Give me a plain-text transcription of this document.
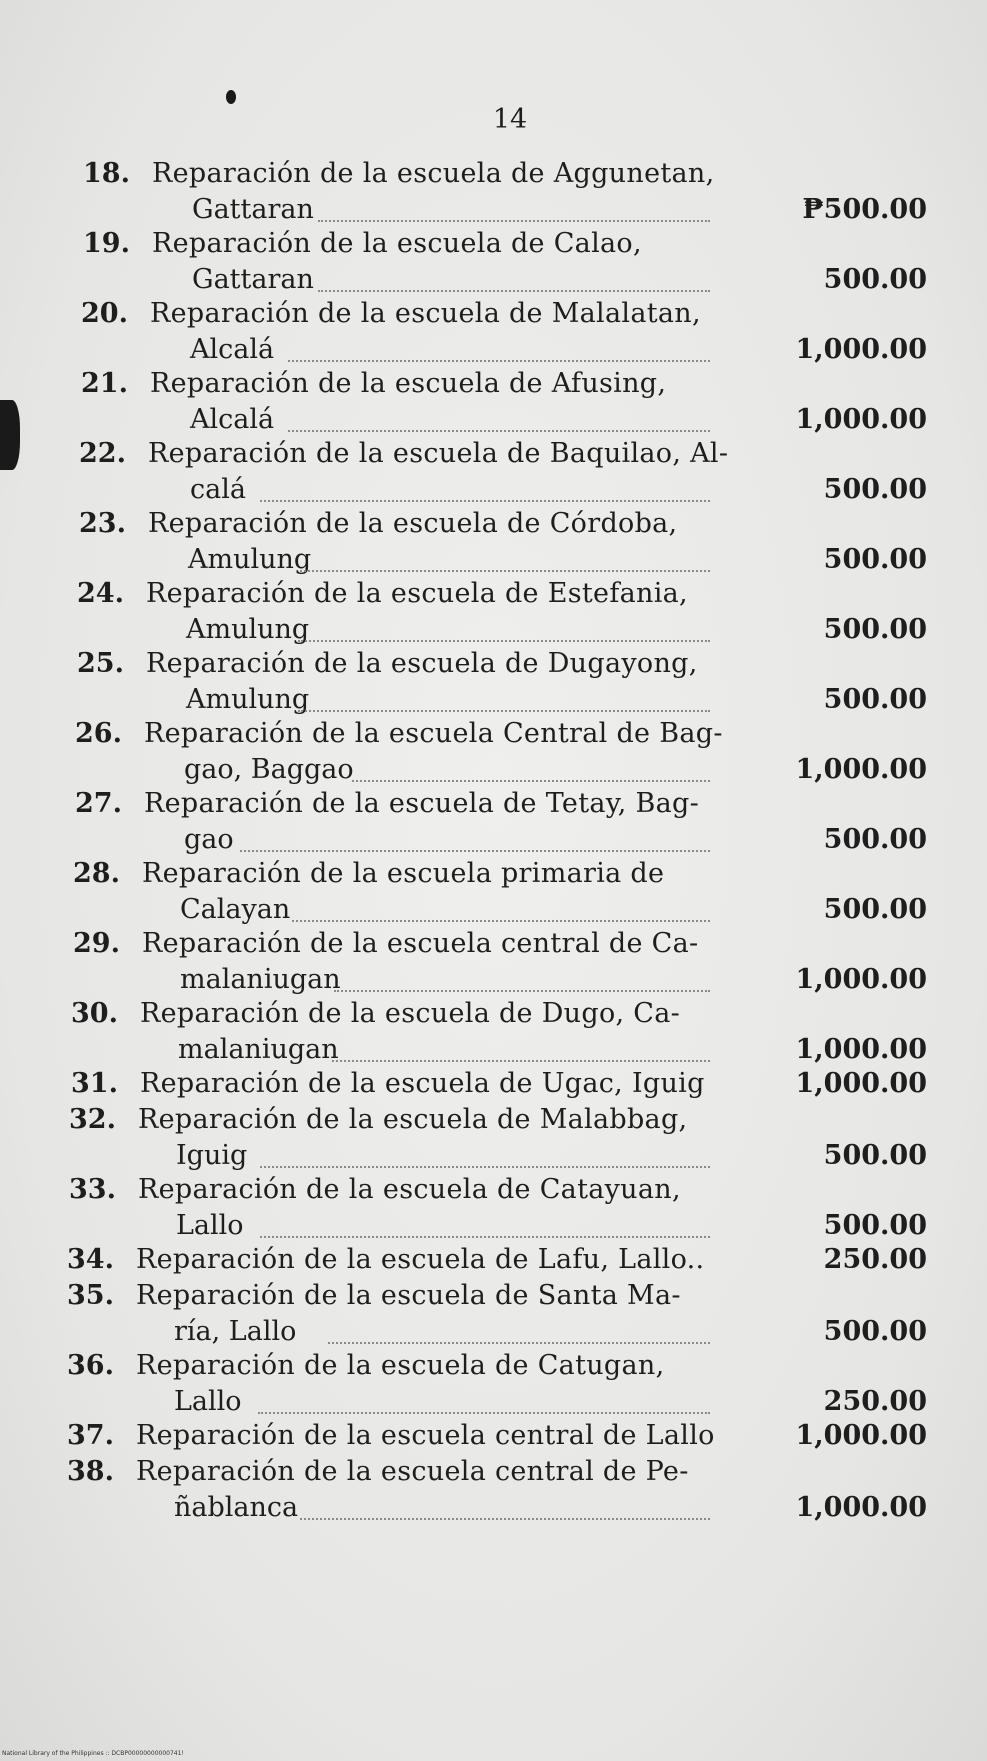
14
18. Reparación de la escuela de Aggunetan,
Gattaran	₱500.00
19. Reparación de la escuela de Calao,
Gattaran	500.00
20. Reparación de la escuela de Malalatan,
Alcalá	1,000.00
21. Reparación de la escuela de Afusing,
Alcalá	1,000.00
22. Reparación de la escuela de Baquilao, Al-
calá	500.00
23. Reparación de la escuela de Córdoba,
Amulung	500.00
24. Reparación de la escuela de Estefania,
Amulung	500.00
25. Reparación de la escuela de Dugayong,
Amulung	500.00
26. Reparación de la escuela Central de Bag-
gao, Baggao	1,000.00
27. Reparación de la escuela de Tetay, Bag-
gao	500.00
28. Reparación de la escuela primaria de
Calayan	500.00
29. Reparación de la escuela central de Ca-
malaniugan	1,000.00
30. Reparación de la escuela de Dugo, Ca-
malaniugan	1,000.00
31. Reparación de la escuela de Ugac, Iguig	1,000.00
32. Reparación de la escuela de Malabbag,
Iguig	500.00
33. Reparación de la escuela de Catayuan,
Lallo	500.00
34. Reparación de la escuela de Lafu, Lallo..	250.00
35. Reparación de la escuela de Santa Ma-
ría, Lallo	500.00
36. Reparación de la escuela de Catugan,
Lallo	250.00
37. Reparación de la escuela central de Lallo	1,000.00
38. Reparación de la escuela central de Pe-
ñablanca	1,000.00
National Library of the Philippines :: DCBP00000000000741!
